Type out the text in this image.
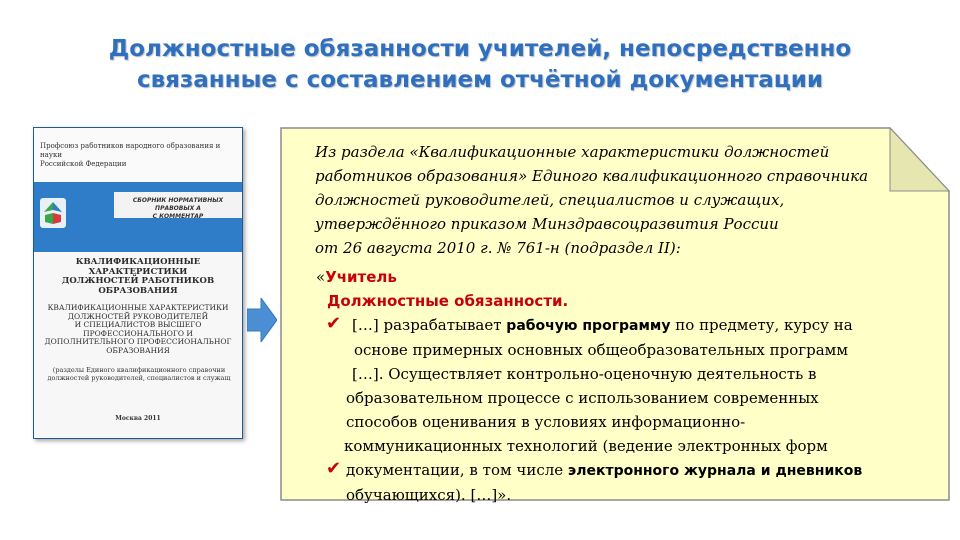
Должностные обязанности учителей, непосредственно
связанные с составлением отчётной документации
Профсоюз работников народного образования и науки
Российской Федерации
СБОРНИК НОРМАТИВНЫХ ПРАВОВЫХ А
С КОММЕНТАР
КВАЛИФИКАЦИОННЫЕ
ХАРАКТЕРИСТИКИ
ДОЛЖНОСТЕЙ РАБОТНИКОВ
ОБРАЗОВАНИЯ
КВАЛИФИКАЦИОННЫЕ ХАРАКТЕРИСТИКИ
ДОЛЖНОСТЕЙ РУКОВОДИТЕЛЕЙ
И СПЕЦИАЛИСТОВ ВЫСШЕГО
ПРОФЕССИОНАЛЬНОГО И
ДОПОЛНИТЕЛЬНОГО ПРОФЕССИОНАЛЬНОГ
ОБРАЗОВАНИЯ
(разделы Единого квалификационного справочни
должностей руководителей, специалистов и служащ
Москва 2011
Из раздела «Квалификационные характеристики должностей
работников образования» Единого квалификационного справочника
должностей руководителей, специалистов и служащих,
утверждённого приказом Минздравсоцразвития России
от 26 августа 2010 г. № 761-н (подраздел II):
«Учитель
Должностные обязанности.
✔ […] разрабатывает рабочую программу по предмету, курсу на
основе примерных основных общеобразовательных программ
[…]. Осуществляет контрольно-оценочную деятельность в
образовательном процессе с использованием современных
способов оценивания в условиях информационно-
коммуникационных технологий (ведение электронных форм
✔ документации, в том числе электронного журнала и дневников
обучающихся). […]».
